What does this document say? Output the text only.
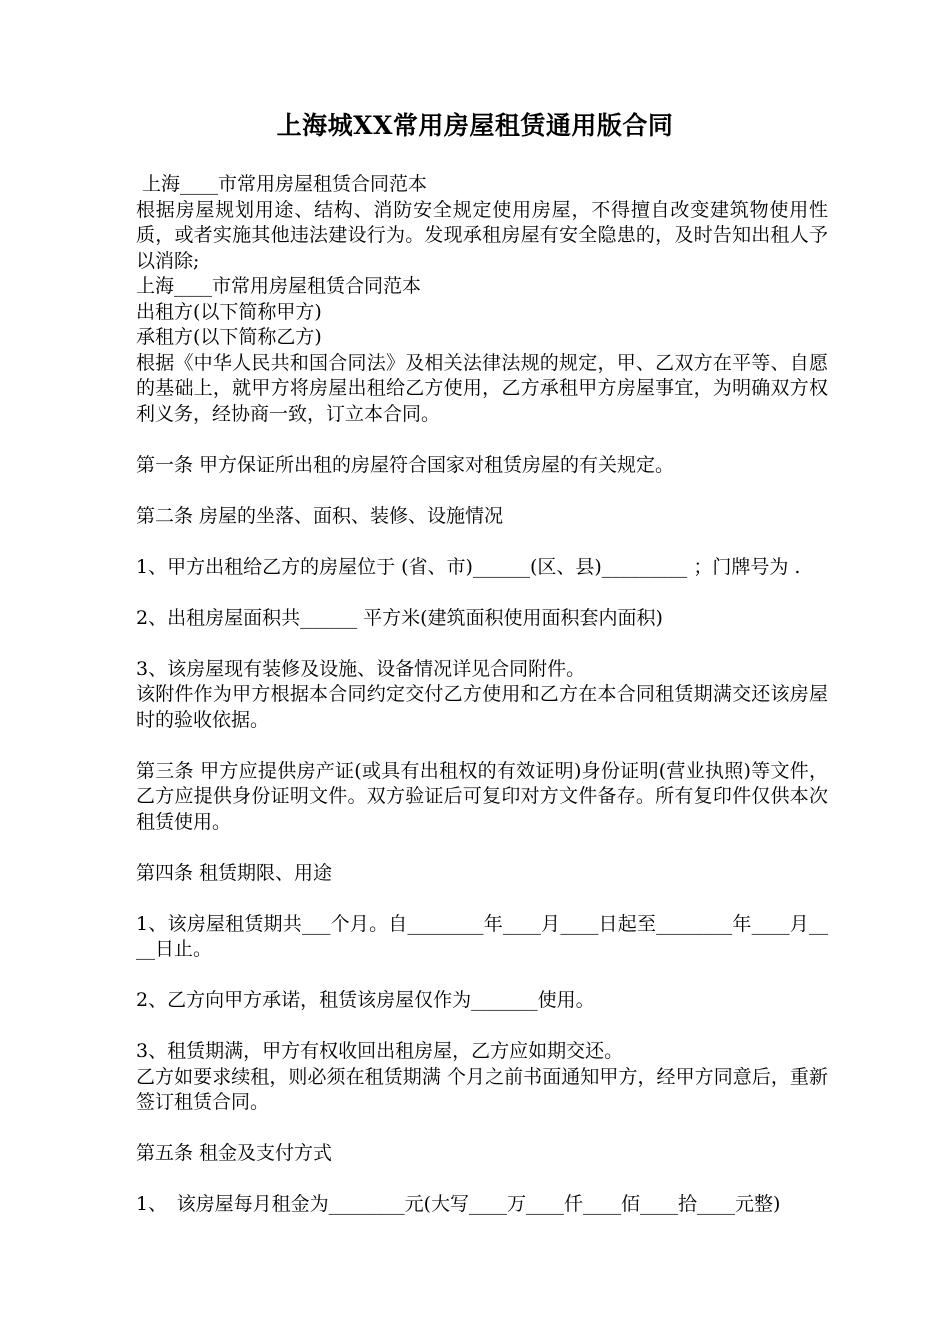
上海城XX常用房屋租赁通用版合同

上海____市常用房屋租赁合同范本

根据房屋规划用途、结构、消防安全规定使用房屋，不得擅自改变建筑物使用性质，或者实施其他违法建设行为。发现承租房屋有安全隐患的，及时告知出租人予以消除;

上海____市常用房屋租赁合同范本

出租方(以下简称甲方)

承租方(以下简称乙方)

根据《中华人民共和国合同法》及相关法律法规的规定，甲、乙双方在平等、自愿的基础上，就甲方将房屋出租给乙方使用，乙方承租甲方房屋事宜，为明确双方权利义务，经协商一致，订立本合同。

第一条 甲方保证所出租的房屋符合国家对租赁房屋的有关规定。

第二条 房屋的坐落、面积、装修、设施情况

1、甲方出租给乙方的房屋位于 (省、市)______(区、县)_________ ；门牌号为 .

2、出租房屋面积共______ 平方米(建筑面积使用面积套内面积)

3、该房屋现有装修及设施、设备情况详见合同附件。

该附件作为甲方根据本合同约定交付乙方使用和乙方在本合同租赁期满交还该房屋时的验收依据。

第三条 甲方应提供房产证(或具有出租权的有效证明)身份证明(营业执照)等文件，乙方应提供身份证明文件。双方验证后可复印对方文件备存。所有复印件仅供本次租赁使用。

第四条 租赁期限、用途

1、该房屋租赁期共___个月。自________年____月____日起至________年____月____日止。

2、乙方向甲方承诺，租赁该房屋仅作为_______使用。

3、租赁期满，甲方有权收回出租房屋，乙方应如期交还。

乙方如要求续租，则必须在租赁期满 个月之前书面通知甲方，经甲方同意后，重新签订租赁合同。

第五条 租金及支付方式

1、　该房屋每月租金为________元(大写____万____仟____佰____拾____元整)
